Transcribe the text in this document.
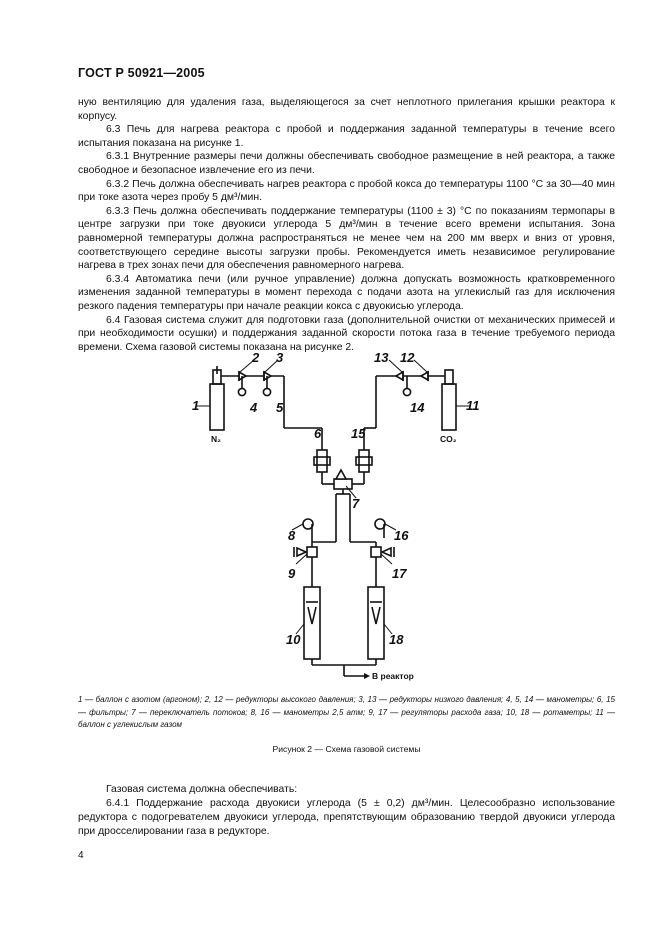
ГОСТ Р 50921—2005

ную вентиляцию для удаления газа, выделяющегося за счет неплотного прилегания крышки реактора к корпусу.

6.3 Печь для нагрева реактора с пробой и поддержания заданной температуры в течение всего испытания показана на рисунке 1.

6.3.1 Внутренние размеры печи должны обеспечивать свободное размещение в ней реактора, а также свободное и безопасное извлечение его из печи.

6.3.2 Печь должна обеспечивать нагрев реактора с пробой кокса до температуры 1100 °С за 30—40 мин при токе азота через пробу 5 дм³/мин.

6.3.3 Печь должна обеспечивать поддержание температуры (1100 ± 3) °С по показаниям термопары в центре загрузки при токе двуокиси углерода 5 дм³/мин в течение всего времени испытания. Зона равномерной температуры должна распространяться не менее чем на 200 мм вверх и вниз от уровня, соответствующего середине высоты загрузки пробы. Рекомендуется иметь независимое регулирование нагрева в трех зонах печи для обеспечения равномерного нагрева.

6.3.4 Автоматика печи (или ручное управление) должна допускать возможность кратковременного изменения заданной температуры в момент перехода с подачи азота на углекислый газ для исключения резкого падения температуры при начале реакции кокса с двуокисью углерода.

6.4 Газовая система служит для подготовки газа (дополнительной очистки от механических примесей и при необходимости осушки) и поддержания заданной скорости потока газа в течение требуемого периода времени. Схема газовой системы показана на рисунке 2.

1
2 3
4 5
6 15
7
8	16
9	17
10	18
13 12
14	11
N₂	CO₂
В реактор
1 — баллон с азотом (аргоном); 2, 12 — редукторы высокого давления; 3, 13 — редукторы низкого давления; 4, 5, 14 — манометры; 6, 15 — фильтры; 7 — переключатель потоков; 8, 16 — манометры 2,5 атм; 9, 17 — регуляторы расхода газа; 10, 18 — ротаметры; 11 — баллон с углекислым газом
Рисунок 2 — Схема газовой системы

Газовая система должна обеспечивать:

6.4.1 Поддержание расхода двуокиси углерода (5 ± 0,2) дм³/мин. Целесообразно использование редуктора с подогревателем двуокиси углерода, препятствующим образованию твердой двуокиси углерода при дросселировании газа в редукторе.

4
